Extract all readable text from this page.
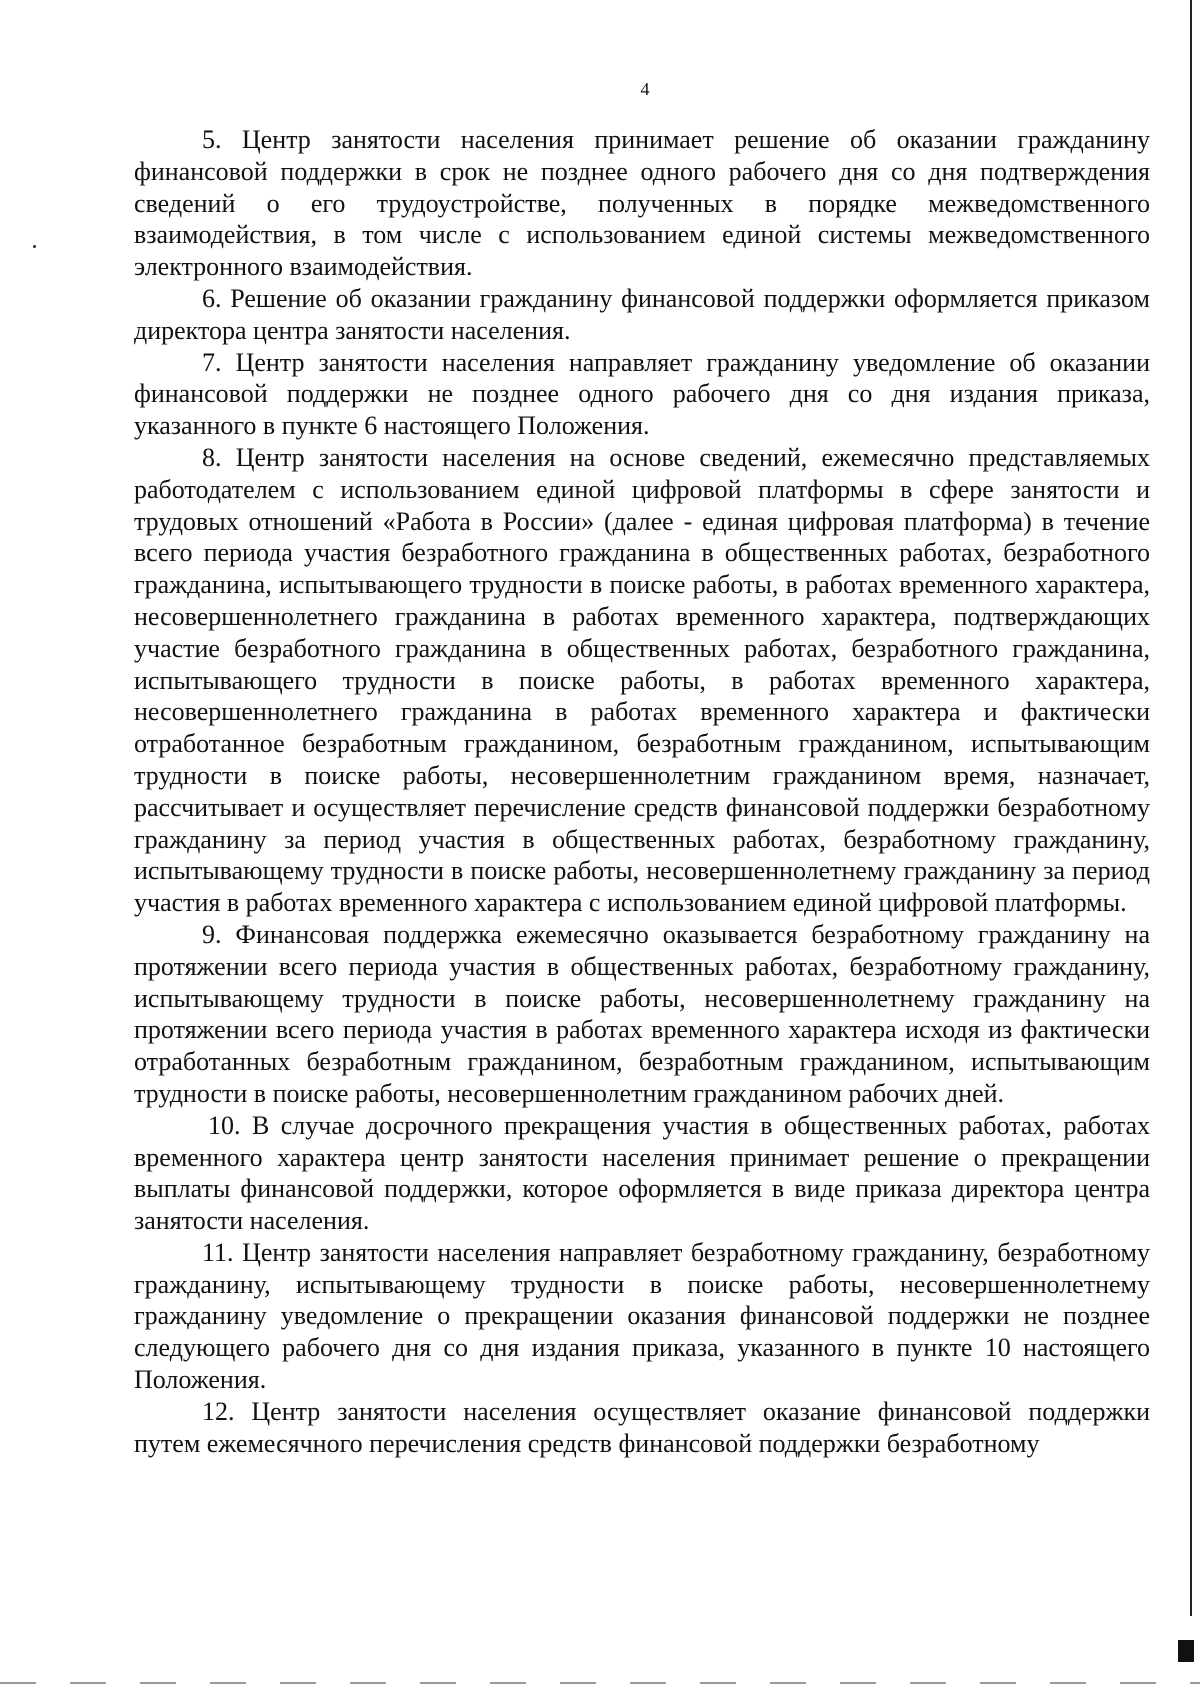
4

5. Центр занятости населения принимает решение об оказании гражданину финансовой поддержки в срок не позднее одного рабочего дня со дня подтверждения сведений о его трудоустройстве, полученных в порядке межведомственного взаимодействия, в том числе с использованием единой системы межведомственного электронного взаимодействия.

6. Решение об оказании гражданину финансовой поддержки оформляется приказом директора центра занятости населения.

7. Центр занятости населения направляет гражданину уведомление об оказании финансовой поддержки не позднее одного рабочего дня со дня издания приказа, указанного в пункте 6 настоящего Положения.

8. Центр занятости населения на основе сведений, ежемесячно представляемых работодателем с использованием единой цифровой платформы в сфере занятости и трудовых отношений «Работа в России» (далее - единая цифровая платформа) в течение всего периода участия безработного гражданина в общественных работах, безработного гражданина, испытывающего трудности в поиске работы, в работах временного характера, несовершеннолетнего гражданина в работах временного характера, подтверждающих участие безработного гражданина в общественных работах, безработного гражданина, испытывающего трудности в поиске работы, в работах временного характера, несовершеннолетнего гражданина в работах временного характера и фактически отработанное безработным гражданином, безработным гражданином, испытывающим трудности в поиске работы, несовершеннолетним гражданином время, назначает, рассчитывает и осуществляет перечисление средств финансовой поддержки безработному гражданину за период участия в общественных работах, безработному гражданину, испытывающему трудности в поиске работы, несовершеннолетнему гражданину за период участия в работах временного характера с использованием единой цифровой платформы.

9. Финансовая поддержка ежемесячно оказывается безработному гражданину на протяжении всего периода участия в общественных работах, безработному гражданину, испытывающему трудности в поиске работы, несовершеннолетнему гражданину на протяжении всего периода участия в работах временного характера исходя из фактически отработанных безработным гражданином, безработным гражданином, испытывающим трудности в поиске работы, несовершеннолетним гражданином рабочих дней.

10. В случае досрочного прекращения участия в общественных работах, работах временного характера центр занятости населения принимает решение о прекращении выплаты финансовой поддержки, которое оформляется в виде приказа директора центра занятости населения.

11. Центр занятости населения направляет безработному гражданину, безработному гражданину, испытывающему трудности в поиске работы, несовершеннолетнему гражданину уведомление о прекращении оказания финансовой поддержки не позднее следующего рабочего дня со дня издания приказа, указанного в пункте 10 настоящего Положения.

12. Центр занятости населения осуществляет оказание финансовой поддержки путем ежемесячного перечисления средств финансовой поддержки безработному
